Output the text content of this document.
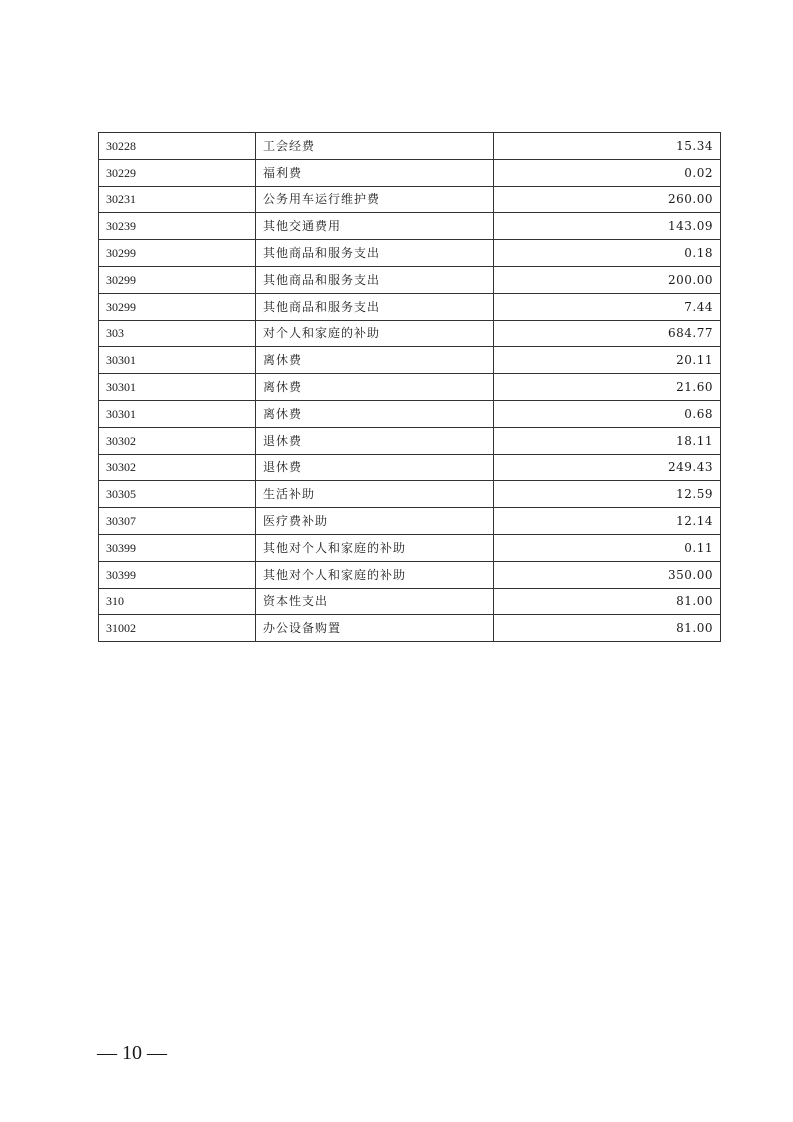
30228	工会经费	15.34
30229	福利费	0.02
30231	公务用车运行维护费	260.00
30239	其他交通费用	143.09
30299	其他商品和服务支出	0.18
30299	其他商品和服务支出	200.00
30299	其他商品和服务支出	7.44
303	对个人和家庭的补助	684.77
30301	离休费	20.11
30301	离休费	21.60
30301	离休费	0.68
30302	退休费	18.11
30302	退休费	249.43
30305	生活补助	12.59
30307	医疗费补助	12.14
30399	其他对个人和家庭的补助	0.11
30399	其他对个人和家庭的补助	350.00
310	资本性支出	81.00
31002	办公设备购置	81.00
— 10 —
